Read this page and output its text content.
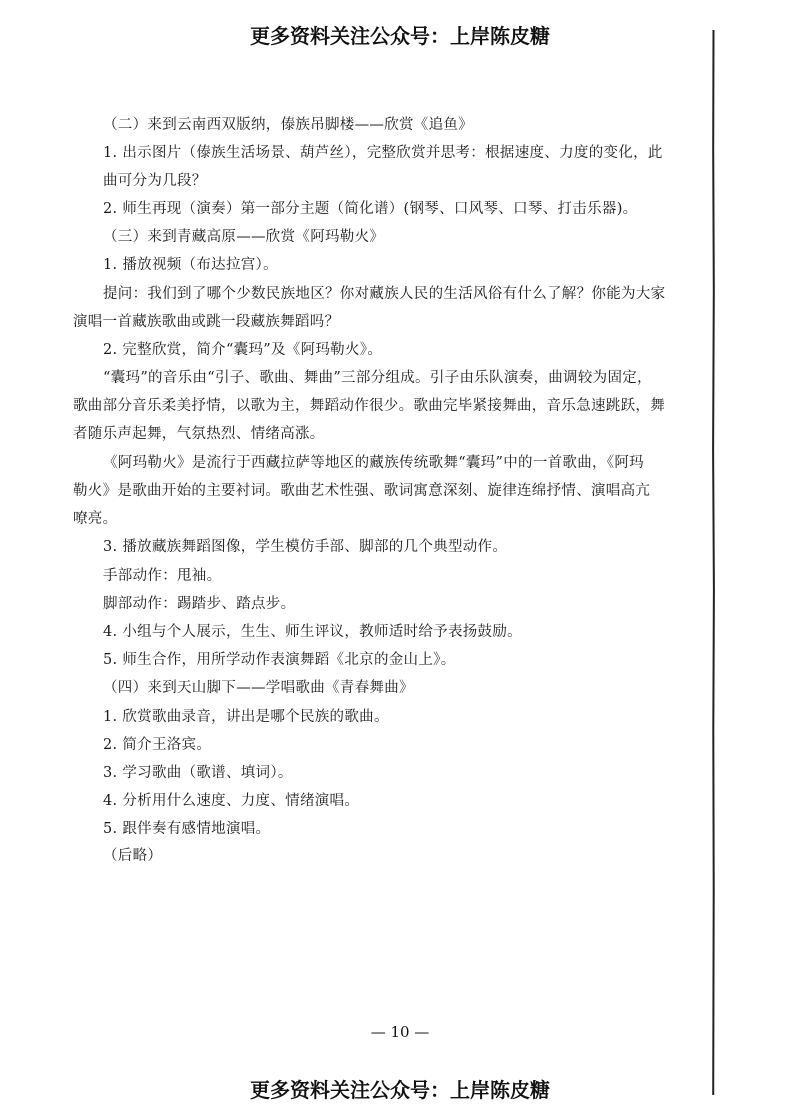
更多资料关注公众号：上岸陈皮糖
（二）来到云南西双版纳，傣族吊脚楼——欣赏《追鱼》
1. 出示图片（傣族生活场景、葫芦丝），完整欣赏并思考：根据速度、力度的变化，此
曲可分为几段？
2. 师生再现（演奏）第一部分主题（简化谱）(钢琴、口风琴、口琴、打击乐器)。
（三）来到青藏高原——欣赏《阿玛勒火》
1. 播放视频（布达拉宫）。
提问：我们到了哪个少数民族地区？你对藏族人民的生活风俗有什么了解？你能为大家
演唱一首藏族歌曲或跳一段藏族舞蹈吗？
2. 完整欣赏，简介“囊玛”及《阿玛勒火》。
“囊玛”的音乐由“引子、歌曲、舞曲”三部分组成。引子由乐队演奏，曲调较为固定，
歌曲部分音乐柔美抒情，以歌为主，舞蹈动作很少。歌曲完毕紧接舞曲，音乐急速跳跃，舞
者随乐声起舞，气氛热烈、情绪高涨。
《阿玛勒火》是流行于西藏拉萨等地区的藏族传统歌舞“囊玛”中的一首歌曲，《阿玛
勒火》是歌曲开始的主要衬词。歌曲艺术性强、歌词寓意深刻、旋律连绵抒情、演唱高亢
嘹亮。
3. 播放藏族舞蹈图像，学生模仿手部、脚部的几个典型动作。
手部动作：甩袖。
脚部动作：踢踏步、踏点步。
4. 小组与个人展示，生生、师生评议，教师适时给予表扬鼓励。
5. 师生合作，用所学动作表演舞蹈《北京的金山上》。
（四）来到天山脚下——学唱歌曲《青春舞曲》
1. 欣赏歌曲录音，讲出是哪个民族的歌曲。
2. 简介王洛宾。
3. 学习歌曲（歌谱、填词）。
4. 分析用什么速度、力度、情绪演唱。
5. 跟伴奏有感情地演唱。
（后略）
— 10 —
更多资料关注公众号：上岸陈皮糖
